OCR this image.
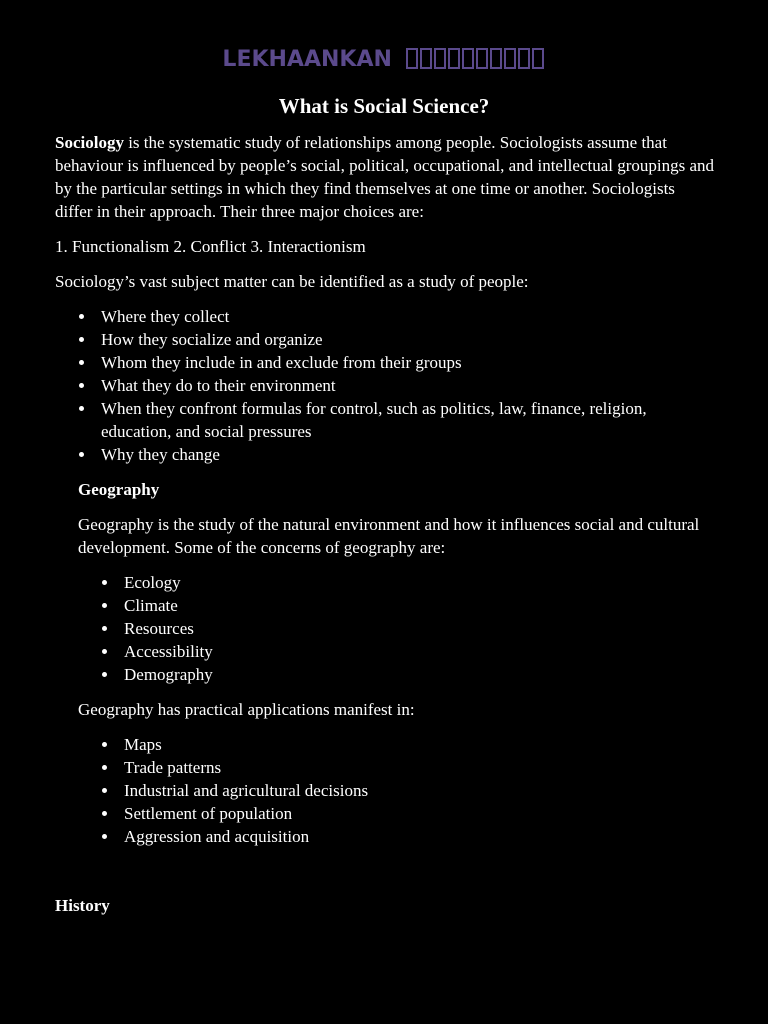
LEKHAANKAN
What is Social Science?

Sociology is the systematic study of relationships among people. Sociologists assume that behaviour is influenced by people’s social, political, occupational, and intellectual groupings and by the particular settings in which they find themselves at one time or another. Sociologists differ in their approach. Their three major choices are:

1. Functionalism 2. Conflict 3. Interactionism

Sociology’s vast subject matter can be identified as a study of people:

Where they collect
How they socialize and organize
Whom they include in and exclude from their groups
What they do to their environment
When they confront formulas for control, such as politics, law, finance, religion, education, and social pressures
Why they change

Geography

Geography is the study of the natural environment and how it influences social and cultural development. Some of the concerns of geography are:

Ecology
Climate
Resources
Accessibility
Demography

Geography has practical applications manifest in:

Maps
Trade patterns
Industrial and agricultural decisions
Settlement of population
Aggression and acquisition

History
